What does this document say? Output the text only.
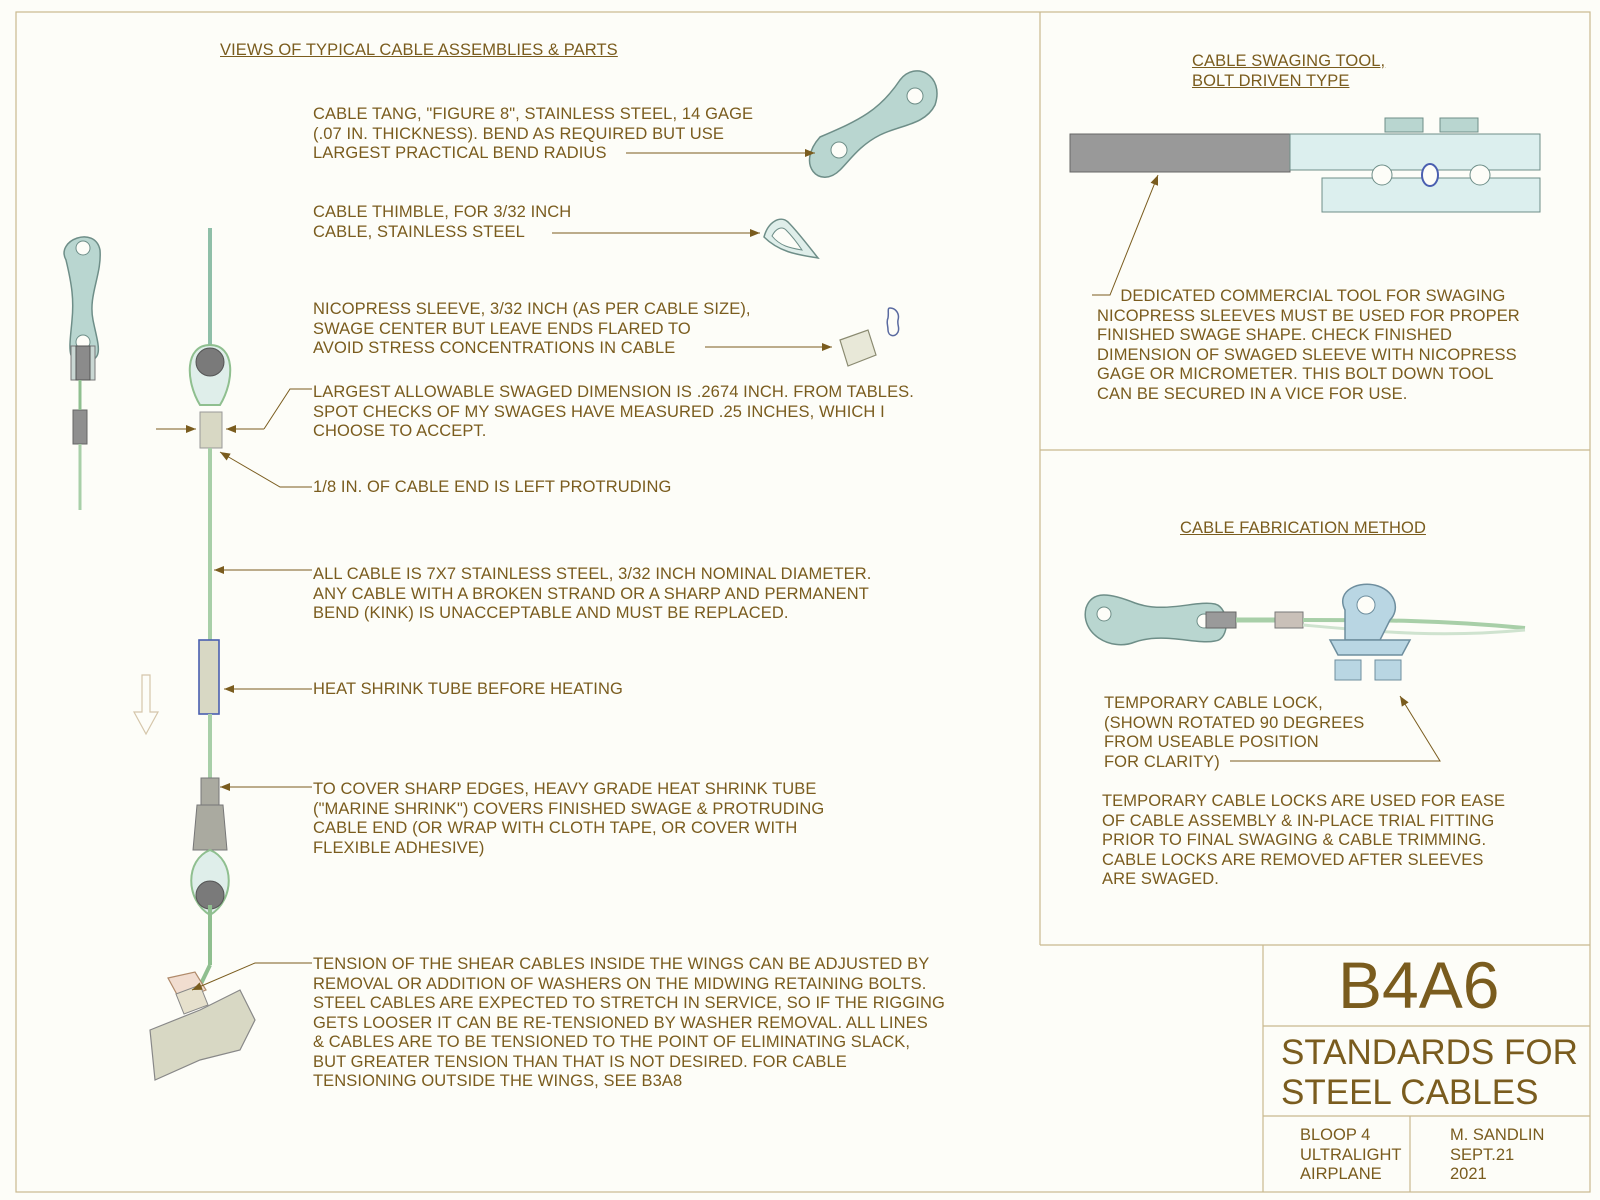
VIEWS OF TYPICAL CABLE ASSEMBLIES & PARTS
CABLE TANG, "FIGURE 8", STAINLESS STEEL, 14 GAGE
(.07 IN. THICKNESS). BEND AS REQUIRED BUT USE
LARGEST PRACTICAL BEND RADIUS
CABLE THIMBLE, FOR 3/32 INCH
CABLE, STAINLESS STEEL
NICOPRESS SLEEVE, 3/32 INCH (AS PER CABLE SIZE),
SWAGE CENTER BUT LEAVE ENDS FLARED TO
AVOID STRESS CONCENTRATIONS IN CABLE
LARGEST ALLOWABLE SWAGED DIMENSION IS .2674 INCH. FROM TABLES.
SPOT CHECKS OF MY SWAGES HAVE MEASURED .25 INCHES, WHICH I
CHOOSE TO ACCEPT.
1/8 IN. OF CABLE END IS LEFT PROTRUDING
ALL CABLE IS 7X7 STAINLESS STEEL, 3/32 INCH NOMINAL DIAMETER.
ANY CABLE WITH A BROKEN STRAND OR A SHARP AND PERMANENT
BEND (KINK) IS UNACCEPTABLE AND MUST BE REPLACED.
HEAT SHRINK TUBE BEFORE HEATING
TO COVER SHARP EDGES, HEAVY GRADE HEAT SHRINK TUBE
("MARINE SHRINK") COVERS FINISHED SWAGE & PROTRUDING
CABLE END (OR WRAP WITH CLOTH TAPE, OR COVER WITH
FLEXIBLE ADHESIVE)
TENSION OF THE SHEAR CABLES INSIDE THE WINGS CAN BE ADJUSTED BY
REMOVAL OR ADDITION OF WASHERS ON THE MIDWING RETAINING BOLTS.
STEEL CABLES ARE EXPECTED TO STRETCH IN SERVICE, SO IF THE RIGGING
GETS LOOSER IT CAN BE RE-TENSIONED BY WASHER REMOVAL. ALL LINES
& CABLES ARE TO BE TENSIONED TO THE POINT OF ELIMINATING SLACK,
BUT GREATER TENSION THAN THAT IS NOT DESIRED. FOR CABLE
TENSIONING OUTSIDE THE WINGS, SEE B3A8
CABLE SWAGING TOOL,
BOLT DRIVEN TYPE
DEDICATED COMMERCIAL TOOL FOR SWAGING
NICOPRESS SLEEVES MUST BE USED FOR PROPER
FINISHED SWAGE SHAPE. CHECK FINISHED
DIMENSION OF SWAGED SLEEVE WITH NICOPRESS
GAGE OR MICROMETER. THIS BOLT DOWN TOOL
CAN BE SECURED IN A VICE FOR USE.
CABLE FABRICATION METHOD
TEMPORARY CABLE LOCK,
(SHOWN ROTATED 90 DEGREES
FROM USEABLE POSITION
FOR CLARITY)
TEMPORARY CABLE LOCKS ARE USED FOR EASE
OF CABLE ASSEMBLY & IN-PLACE TRIAL FITTING
PRIOR TO FINAL SWAGING & CABLE TRIMMING.
CABLE LOCKS ARE REMOVED AFTER SLEEVES
ARE SWAGED.
B4A6
STANDARDS FOR
STEEL CABLES
BLOOP 4
ULTRALIGHT
AIRPLANE
M. SANDLIN
SEPT.21
2021
